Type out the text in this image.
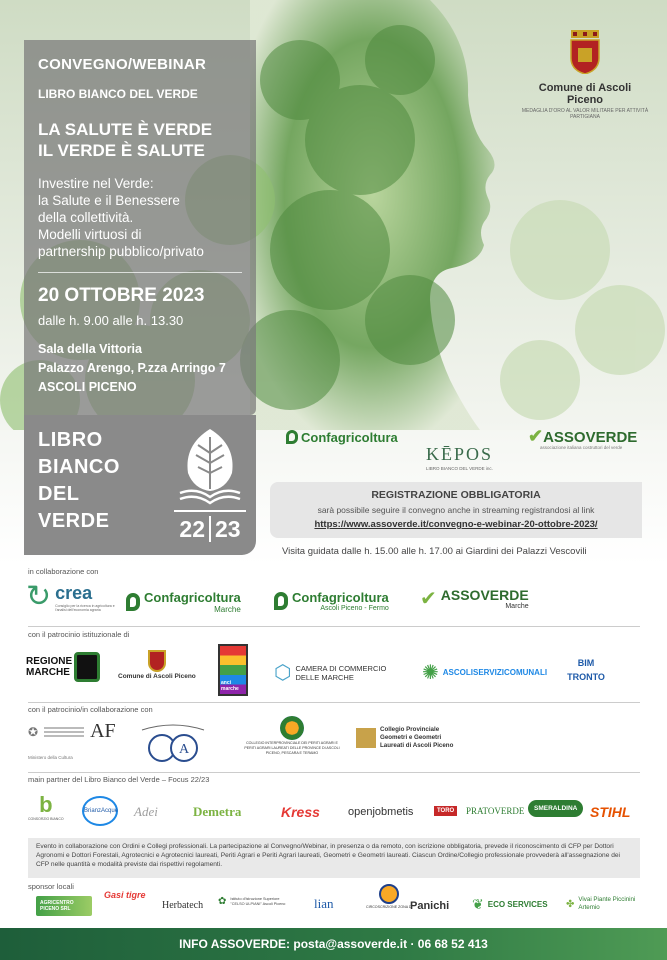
CONVEGNO/WEBINAR
LIBRO BIANCO DEL VERDE
LA SALUTE È VERDE
IL VERDE È SALUTE
Investire nel Verde:
la Salute e il Benessere
della collettività.
Modelli virtuosi di
partnership pubblico/privato
20 OTTOBRE 2023
dalle h. 9.00 alle h. 13.30
Sala della Vittoria
Palazzo Arengo, P.zza Arringo 7
ASCOLI PICENO
LIBRO
BIANCO
DEL
VERDE	22 23
Comune di Ascoli Piceno
MEDAGLIA D'ORO AL VALOR MILITARE PER ATTIVITÀ PARTIGIANA
Confagricoltura
KĒPOS
LIBRO BIANCO DEL VERDE inc.
✔ASSOVERDE
associazione italiana costruttori del verde
REGISTRAZIONE OBBLIGATORIA
sarà possibile seguire il convegno anche in streaming registrandosi al link
https://www.assoverde.it/convegno-e-webinar-20-ottobre-2023/
Visita guidata dalle h. 15.00 alle h. 17.00 ai Giardini dei Palazzi Vescovili
in collaborazione con
↻ crea
Consiglio per la ricerca in agricoltura e l'analisi dell'economia agraria
Confagricoltura
Marche
Confagricoltura
Ascoli Piceno - Fermo ✔ ASSOVERDE
Marche
con il patrocinio istituzionale di
REGIONE MARCHE	Comune di Ascoli Piceno
anci marche
⬡ CAMERA DI COMMERCIO DELLE MARCHE	✺ ASCOLISERVIZICOMUNALI
BIM TRONTO
con il patrocinio/in collaborazione con
✪	AF
Ministero della Cultura
A	COLLEGIO INTERPROVINCIALE DEI PERITI AGRARI E PERITI AGRARI LAUREATI DELLE PROVINCE DI ASCOLI PICENO, PESCARA E TERAMO
Collegio Provinciale Geometri e Geometri Laureati di Ascoli Piceno
main partner del Libro Bianco del Verde – Focus 22/23
b
CONSORZIO BIANCO
BrianzAcque Adei	Demetra	Kress	openjobmetis	TORO	PRATOVERDE	SMERALDINA STIHL
Evento in collaborazione con Ordini e Collegi professionali. La partecipazione al Convegno/Webinar, in presenza o da remoto, con iscrizione obbligatoria, prevede il riconoscimento di CFP per Dottori Agronomi e Dottori Forestali, Agrotecnici e Agrotecnici laureati, Periti Agrari e Periti Agrari laureati, Geometri e Geometri laureati. Ciascun Ordine/Collegio professionale provvederà all'assegnazione dei CFP nelle quantità e modalità previste dai rispettivi regolamenti.
sponsor locali
AGRICENTRO PICENO SRL
Gasi tigre
Herbatech ✿ Istituto d'Istruzione Superiore "CELSO ULPIANI" Ascoli Piceno	lian	CIRCOSCRIZIONE ZONA D
Panichi ❦ ECO SERVICES ✤ Vivai Piante Piccinini Artemio
INFO ASSOVERDE: posta@assoverde.it · 06 68 52 413
